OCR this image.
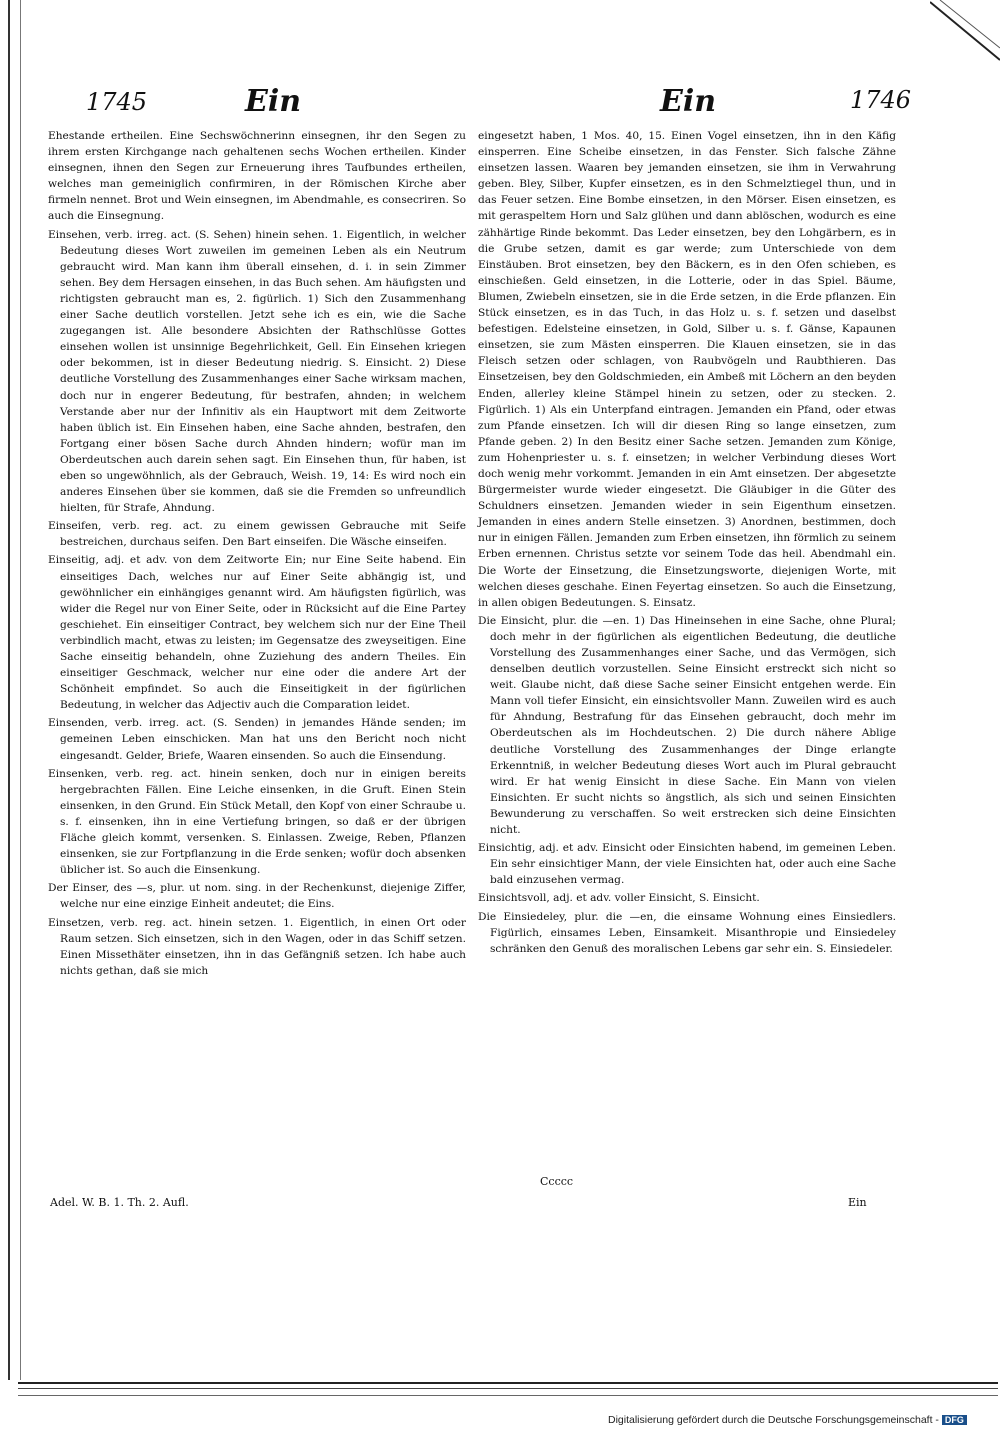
1745	Ein	Ein	1746

Ehestande ertheilen. Eine Sechswöchnerinn einsegnen, ihr den Segen zu ihrem ersten Kirchgange nach gehaltenen sechs Wochen ertheilen. Kinder einsegnen, ihnen den Segen zur Erneuerung ihres Taufbundes ertheilen, welches man gemeiniglich confirmiren, in der Römischen Kirche aber firmeln nennet. Brot und Wein einsegnen, im Abendmahle, es consecriren. So auch die Einsegnung.

Einsehen, verb. irreg. act. (S. Sehen) hinein sehen. 1. Eigentlich, in welcher Bedeutung dieses Wort zuweilen im gemeinen Leben als ein Neutrum gebraucht wird. Man kann ihm überall einsehen, d. i. in sein Zimmer sehen. Bey dem Hersagen einsehen, in das Buch sehen. Am häufigsten und richtigsten gebraucht man es, 2. figürlich. 1) Sich den Zusammenhang einer Sache deutlich vorstellen. Jetzt sehe ich es ein, wie die Sache zugegangen ist. Alle besondere Absichten der Rathschlüsse Gottes einsehen wollen ist unsinnige Begehrlichkeit, Gell. Ein Einsehen kriegen oder bekommen, ist in dieser Bedeutung niedrig. S. Einsicht. 2) Diese deutliche Vorstellung des Zusammenhanges einer Sache wirksam machen, doch nur in engerer Bedeutung, für bestrafen, ahnden; in welchem Verstande aber nur der Infinitiv als ein Hauptwort mit dem Zeitworte haben üblich ist. Ein Einsehen haben, eine Sache ahnden, bestrafen, den Fortgang einer bösen Sache durch Ahnden hindern; wofür man im Oberdeutschen auch darein sehen sagt. Ein Einsehen thun, für haben, ist eben so ungewöhnlich, als der Gebrauch, Weish. 19, 14: Es wird noch ein anderes Einsehen über sie kommen, daß sie die Fremden so unfreundlich hielten, für Strafe, Ahndung.

Einseifen, verb. reg. act. zu einem gewissen Gebrauche mit Seife bestreichen, durchaus seifen. Den Bart einseifen. Die Wäsche einseifen.

Einseitig, adj. et adv. von dem Zeitworte Ein; nur Eine Seite habend. Ein einseitiges Dach, welches nur auf Einer Seite abhängig ist, und gewöhnlicher ein einhängiges genannt wird. Am häufigsten figürlich, was wider die Regel nur von Einer Seite, oder in Rücksicht auf die Eine Partey geschiehet. Ein einseitiger Contract, bey welchem sich nur der Eine Theil verbindlich macht, etwas zu leisten; im Gegensatze des zweyseitigen. Eine Sache einseitig behandeln, ohne Zuziehung des andern Theiles. Ein einseitiger Geschmack, welcher nur eine oder die andere Art der Schönheit empfindet. So auch die Einseitigkeit in der figürlichen Bedeutung, in welcher das Adjectiv auch die Comparation leidet.

Einsenden, verb. irreg. act. (S. Senden) in jemandes Hände senden; im gemeinen Leben einschicken. Man hat uns den Bericht noch nicht eingesandt. Gelder, Briefe, Waaren einsenden. So auch die Einsendung.

Einsenken, verb. reg. act. hinein senken, doch nur in einigen bereits hergebrachten Fällen. Eine Leiche einsenken, in die Gruft. Einen Stein einsenken, in den Grund. Ein Stück Metall, den Kopf von einer Schraube u. s. f. einsenken, ihn in eine Vertiefung bringen, so daß er der übrigen Fläche gleich kommt, versenken. S. Einlassen. Zweige, Reben, Pflanzen einsenken, sie zur Fortpflanzung in die Erde senken; wofür doch absenken üblicher ist. So auch die Einsenkung.

Der Einser, des —s, plur. ut nom. sing. in der Rechenkunst, diejenige Ziffer, welche nur eine einzige Einheit andeutet; die Eins.

Einsetzen, verb. reg. act. hinein setzen. 1. Eigentlich, in einen Ort oder Raum setzen. Sich einsetzen, sich in den Wagen, oder in das Schiff setzen. Einen Missethäter einsetzen, ihn in das Gefängniß setzen. Ich habe auch nichts gethan, daß sie mich

eingesetzt haben, 1 Mos. 40, 15. Einen Vogel einsetzen, ihn in den Käfig einsperren. Eine Scheibe einsetzen, in das Fenster. Sich falsche Zähne einsetzen lassen. Waaren bey jemanden einsetzen, sie ihm in Verwahrung geben. Bley, Silber, Kupfer einsetzen, es in den Schmelztiegel thun, und in das Feuer setzen. Eine Bombe einsetzen, in den Mörser. Eisen einsetzen, es mit geraspeltem Horn und Salz glühen und dann ablöschen, wodurch es eine zähhärtige Rinde bekommt. Das Leder einsetzen, bey den Lohgärbern, es in die Grube setzen, damit es gar werde; zum Unterschiede von dem Einstäuben. Brot einsetzen, bey den Bäckern, es in den Ofen schieben, es einschießen. Geld einsetzen, in die Lotterie, oder in das Spiel. Bäume, Blumen, Zwiebeln einsetzen, sie in die Erde setzen, in die Erde pflanzen. Ein Stück einsetzen, es in das Tuch, in das Holz u. s. f. setzen und daselbst befestigen. Edelsteine einsetzen, in Gold, Silber u. s. f. Gänse, Kapaunen einsetzen, sie zum Mästen einsperren. Die Klauen einsetzen, sie in das Fleisch setzen oder schlagen, von Raubvögeln und Raubthieren. Das Einsetzeisen, bey den Goldschmieden, ein Ambeß mit Löchern an den beyden Enden, allerley kleine Stämpel hinein zu setzen, oder zu stecken. 2. Figürlich. 1) Als ein Unterpfand eintragen. Jemanden ein Pfand, oder etwas zum Pfande einsetzen. Ich will dir diesen Ring so lange einsetzen, zum Pfande geben. 2) In den Besitz einer Sache setzen. Jemanden zum Könige, zum Hohenpriester u. s. f. einsetzen; in welcher Verbindung dieses Wort doch wenig mehr vorkommt. Jemanden in ein Amt einsetzen. Der abgesetzte Bürgermeister wurde wieder eingesetzt. Die Gläubiger in die Güter des Schuldners einsetzen. Jemanden wieder in sein Eigenthum einsetzen. Jemanden in eines andern Stelle einsetzen. 3) Anordnen, bestimmen, doch nur in einigen Fällen. Jemanden zum Erben einsetzen, ihn förmlich zu seinem Erben ernennen. Christus setzte vor seinem Tode das heil. Abendmahl ein. Die Worte der Einsetzung, die Einsetzungsworte, diejenigen Worte, mit welchen dieses geschahe. Einen Feyertag einsetzen. So auch die Einsetzung, in allen obigen Bedeutungen. S. Einsatz.

Die Einsicht, plur. die —en. 1) Das Hineinsehen in eine Sache, ohne Plural; doch mehr in der figürlichen als eigentlichen Bedeutung, die deutliche Vorstellung des Zusammenhanges einer Sache, und das Vermögen, sich denselben deutlich vorzustellen. Seine Einsicht erstreckt sich nicht so weit. Glaube nicht, daß diese Sache seiner Einsicht entgehen werde. Ein Mann voll tiefer Einsicht, ein einsichtsvoller Mann. Zuweilen wird es auch für Ahndung, Bestrafung für das Einsehen gebraucht, doch mehr im Oberdeutschen als im Hochdeutschen. 2) Die durch nähere Ablige deutliche Vorstellung des Zusammenhanges der Dinge erlangte Erkenntniß, in welcher Bedeutung dieses Wort auch im Plural gebraucht wird. Er hat wenig Einsicht in diese Sache. Ein Mann von vielen Einsichten. Er sucht nichts so ängstlich, als sich und seinen Einsichten Bewunderung zu verschaffen. So weit erstrecken sich deine Einsichten nicht.

Einsichtig, adj. et adv. Einsicht oder Einsichten habend, im gemeinen Leben. Ein sehr einsichtiger Mann, der viele Einsichten hat, oder auch eine Sache bald einzusehen vermag.

Einsichtsvoll, adj. et adv. voller Einsicht, S. Einsicht.

Die Einsiedeley, plur. die —en, die einsame Wohnung eines Einsiedlers. Figürlich, einsames Leben, Einsamkeit. Misanthropie und Einsiedeley schränken den Genuß des moralischen Lebens gar sehr ein. S. Einsiedeler.

Ccccc
Adel. W. B. 1. Th. 2. Aufl.	Ein
Digitalisierung gefördert durch die Deutsche Forschungsgemeinschaft - DFG
